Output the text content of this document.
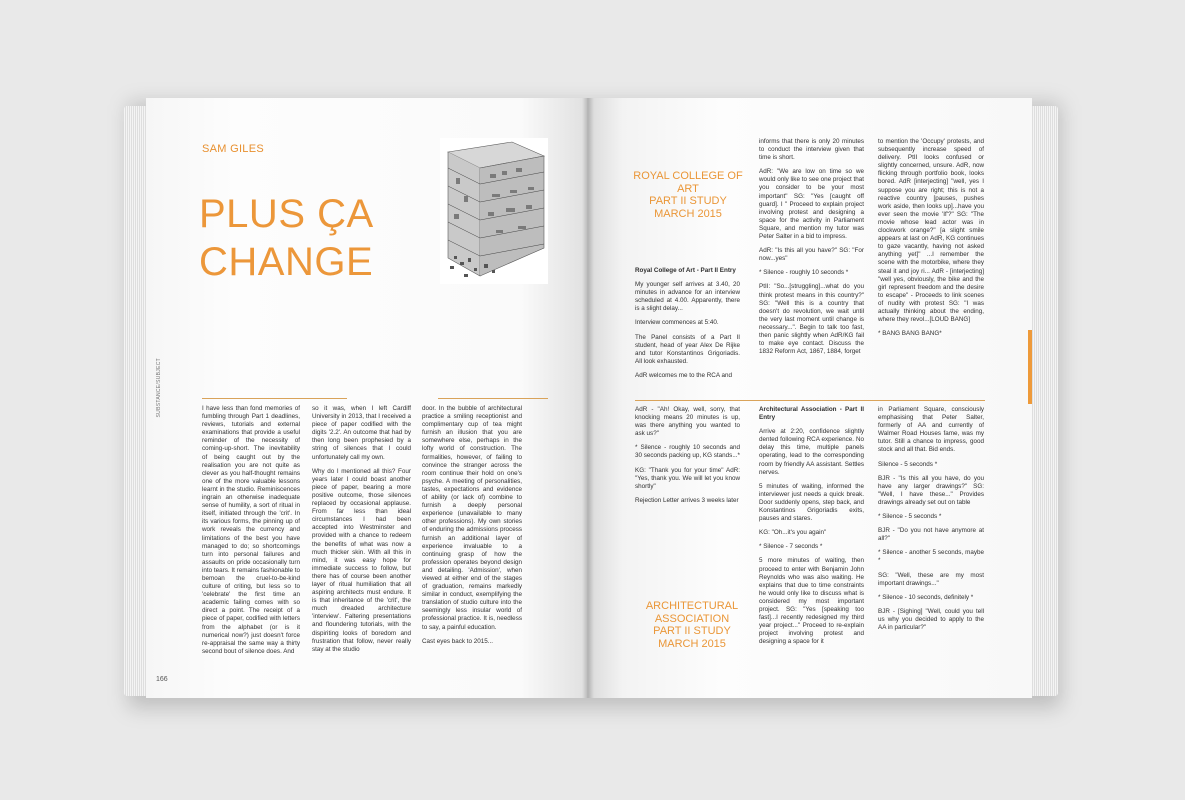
SAM GILES
PLUS ÇA
CHANGE
SUBSTANCE/SUBJECT	I have less than fond memories of fumbling through Part 1 deadlines, reviews, tutorials and external examinations that provide a useful reminder of the necessity of coming-up-short. The inevitability of being caught out by the realisation you are not quite as clever as you half-thought remains one of the more valuable lessons learnt in the studio. Reminiscences ingrain an otherwise inadequate sense of humility, a sort of ritual in itself, initiated through the 'crit'. In its various forms, the pinning up of work reveals the currency and limitations of the best you have managed to do; so shortcomings turn into personal failures and assaults on pride occasionally turn into tears. It remains fashionable to bemoan the cruel-to-be-kind culture of criting, but less so to 'celebrate' the first time an academic failing comes with so direct a point. The receipt of a piece of paper, codified with letters from the alphabet (or is it numerical now?) just doesn't force re-appraisal the same way a thirty second bout of silence does. And

so it was, when I left Cardiff University in 2013, that I received a piece of paper codified with the digits '2.2'. An outcome that had by then long been prophesied by a string of silences that I could unfortunately call my own.

Why do I mentioned all this? Four years later I could boast another piece of paper, bearing a more positive outcome, those silences replaced by occasional applause. From far less than ideal circumstances I had been accepted into Westminster and provided with a chance to redeem the benefits of what was now a much thicker skin. With all this in mind, it was easy hope for immediate success to follow, but there has of course been another layer of ritual humiliation that all aspiring architects must endure. It is that inheritance of the 'crit', the much dreaded architecture 'interview'. Faltering presentations and floundering tutorials, with the dispiriting looks of boredom and frustration that follow, never really stay at the studio

door. In the bubble of architectural practice a smiling receptionist and complimentary cup of tea might furnish an illusion that you are somewhere else, perhaps in the lofty world of construction. The formalities, however, of failing to convince the stranger across the room continue their hold on one's psyche. A meeting of personalities, tastes, expectations and evidence of ability (or lack of) combine to furnish a deeply personal experience (unavailable to many other professions). My own stories of enduring the admissions process furnish an additional layer of experience invaluable to a continuing grasp of how the profession operates beyond design and detailing. 'Admission', when viewed at either end of the stages of graduation, remains markedly similar in conduct, exemplifying the translation of studio culture into the seemingly less insular world of professional practice. It is, needless to say, a painful education.

Cast eyes back to 2015...

166
ROYAL COLLEGE OF
ART
PART II STUDY
MARCH 2015

Royal College of Art - Part II Entry

My younger self arrives at 3.40, 20 minutes in advance for an interview scheduled at 4.00. Apparently, there is a slight delay...

Interview commences at 5:40.

The Panel consists of a Part II student, head of year Alex De Rijke and tutor Konstantinos Grigoriadis. All look exhausted.

AdR welcomes me to the RCA and

informs that there is only 20 minutes to conduct the interview given that time is short.

AdR: "We are low on time so we would only like to see one project that you consider to be your most important" SG: "Yes [caught off guard]. I " Proceed to explain project involving protest and designing a space for the activity in Parliament Square, and mention my tutor was Peter Salter in a bid to impress.

AdR: "Is this all you have?" SG: "For now...yes"

* Silence - roughly 10 seconds *

PtII: "So...[struggling]...what do you think protest means in this country?" SG: "Well this is a country that doesn't do revolution, we wait until the very last moment until change is necessary...". Begin to talk too fast, then panic slightly when AdR/KG fail to make eye contact. Discuss the 1832 Reform Act, 1867, 1884, forget

to mention the 'Occupy' protests, and subsequently increase speed of delivery. PtII looks confused or slightly concerned, unsure. AdR, now flicking through portfolio book, looks bored. AdR [interjecting] "well, yes I suppose you are right; this is not a reactive country [pauses, pushes work aside, then looks up]...have you ever seen the movie 'If'?" SG: "The movie whose lead actor was in clockwork orange?" [a slight smile appears at last on AdR, KG continues to gaze vacantly, having not asked anything yet]" ...I remember the scene with the motorbike, where they steal it and joy ri... AdR - [interjecting] "well yes, obviously, the bike and the girl represent freedom and the desire to escape" - Proceeds to link scenes of nudity with protest SG: "I was actually thinking about the ending, where they revol...[LOUD BANG]

* BANG BANG BANG*

AdR - "Ah! Okay, well, sorry, that knocking means 20 minutes is up, was there anything you wanted to ask us?"

* Silence - roughly 10 seconds and 30 seconds packing up, KG stands...*

KG: "Thank you for your time" AdR: "Yes, thank you. We will let you know shortly"

Rejection Letter arrives 3 weeks later

ARCHITECTURAL
ASSOCIATION
PART II STUDY
MARCH 2015

Architectural Association - Part II Entry

Arrive at 2:20, confidence slightly dented following RCA experience. No delay this time, multiple panels operating, lead to the corresponding room by friendly AA assistant. Settles nerves.

5 minutes of waiting, informed the interviewer just needs a quick break. Door suddenly opens, step back, and Konstantinos Grigoriadis exits, pauses and stares.

KG: "Oh...it's you again"

* Silence - 7 seconds *

5 more minutes of waiting, then proceed to enter with Benjamin John Reynolds who was also waiting. He explains that due to time constraints he would only like to discuss what is considered my most important project. SG: "Yes [speaking too fast]...I recently redesigned my third year project..." Proceed to re-explain project involving protest and designing a space for it

in Parliament Square, consciously emphasising that Peter Salter, formerly of AA and currently of Walmer Road Houses fame, was my tutor. Still a chance to impress, good stock and all that. Bid ends.

Silence - 5 seconds *

BJR - "Is this all you have, do you have any larger drawings?" SG: "Well, I have these..." Provides drawings already set out on table

* Silence - 5 seconds *

BJR - "Do you not have anymore at all?"

* Silence - another 5 seconds, maybe *

SG: "Well, these are my most important drawings..."

* Silence - 10 seconds, definitely *

BJR - [Sighing] "Well, could you tell us why you decided to apply to the AA in particular?"
